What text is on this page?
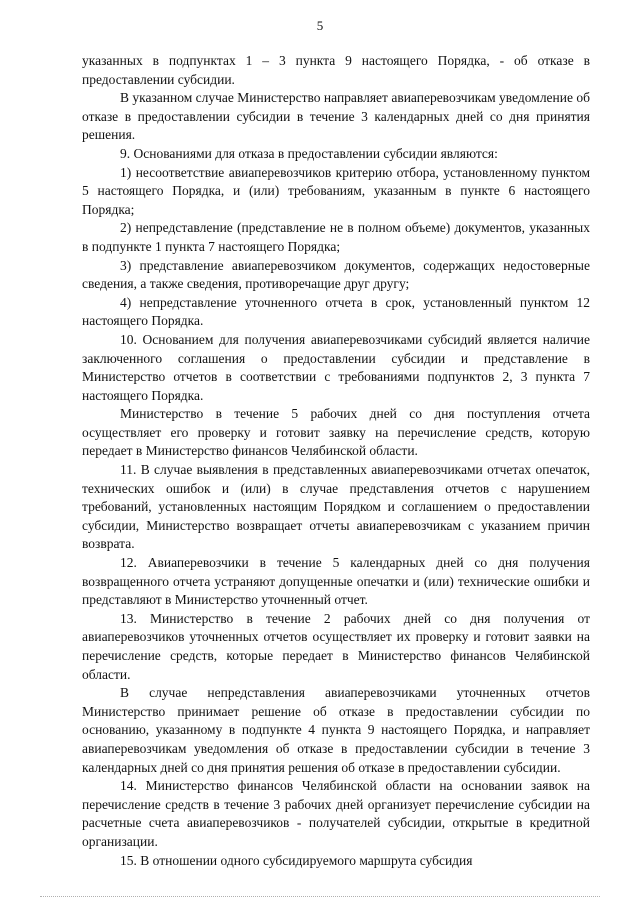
5

указанных в подпунктах 1 – 3 пункта 9 настоящего Порядка, - об отказе в предоставлении субсидии.

В указанном случае Министерство направляет авиаперевозчикам уведомление об отказе в предоставлении субсидии в течение 3 календарных дней со дня принятия решения.

9. Основаниями для отказа в предоставлении субсидии являются:

1) несоответствие авиаперевозчиков критерию отбора, установленному пунктом 5 настоящего Порядка, и (или) требованиям, указанным в пункте 6 настоящего Порядка;

2) непредставление (представление не в полном объеме) документов, указанных в подпункте 1 пункта 7 настоящего Порядка;

3) представление авиаперевозчиком документов, содержащих недостоверные сведения, а также сведения, противоречащие друг другу;

4) непредставление уточненного отчета в срок, установленный пунктом 12 настоящего Порядка.

10. Основанием для получения авиаперевозчиками субсидий является наличие заключенного соглашения о предоставлении субсидии и представление в Министерство отчетов в соответствии с требованиями подпунктов 2, 3 пункта 7 настоящего Порядка.

Министерство в течение 5 рабочих дней со дня поступления отчета осуществляет его проверку и готовит заявку на перечисление средств, которую передает в Министерство финансов Челябинской области.

11. В случае выявления в представленных авиаперевозчиками отчетах опечаток, технических ошибок и (или) в случае представления отчетов с нарушением требований, установленных настоящим Порядком и соглашением о предоставлении субсидии, Министерство возвращает отчеты авиаперевозчикам с указанием причин возврата.

12. Авиаперевозчики в течение 5 календарных дней со дня получения возвращенного отчета устраняют допущенные опечатки и (или) технические ошибки и представляют в Министерство уточненный отчет.

13. Министерство в течение 2 рабочих дней со дня получения от авиаперевозчиков уточненных отчетов осуществляет их проверку и готовит заявки на перечисление средств, которые передает в Министерство финансов Челябинской области.

В случае непредставления авиаперевозчиками уточненных отчетов Министерство принимает решение об отказе в предоставлении субсидии по основанию, указанному в подпункте 4 пункта 9 настоящего Порядка, и направляет авиаперевозчикам уведомления об отказе в предоставлении субсидии в течение 3 календарных дней со дня принятия решения об отказе в предоставлении субсидии.

14. Министерство финансов Челябинской области на основании заявок на перечисление средств в течение 3 рабочих дней организует перечисление субсидии на расчетные счета авиаперевозчиков - получателей субсидии, открытые в кредитной организации.

15. В отношении одного субсидируемого маршрута субсидия
